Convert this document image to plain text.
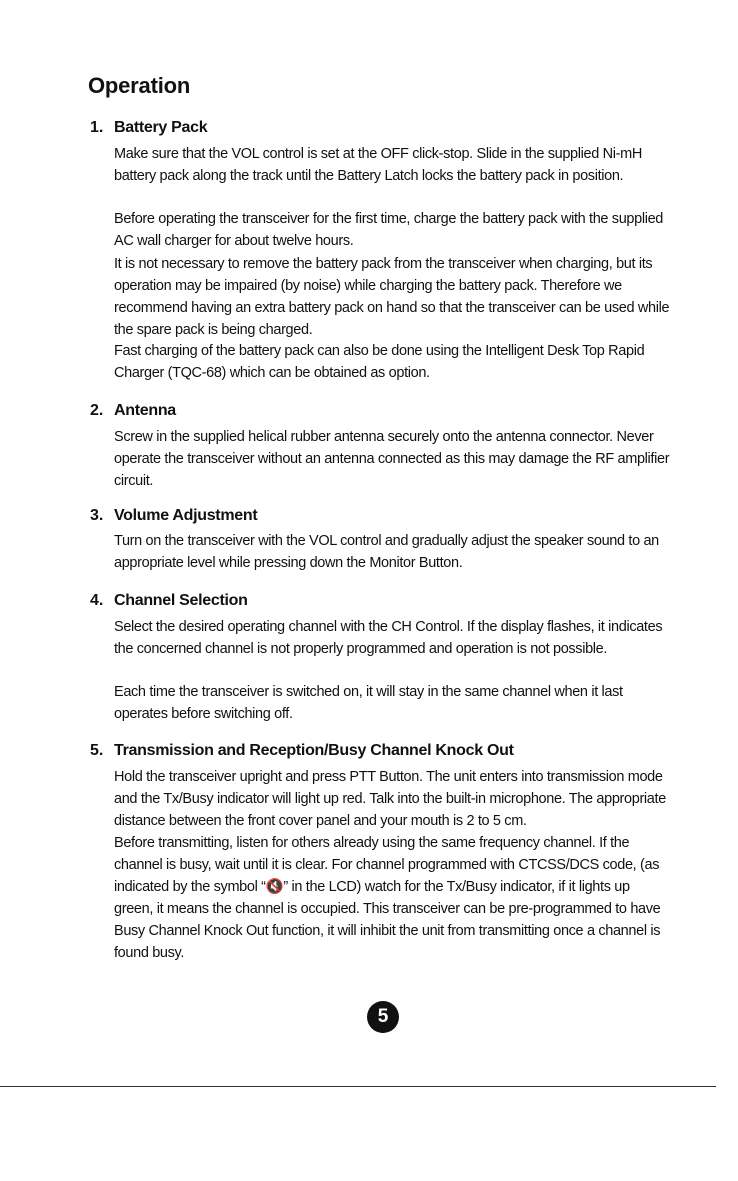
Operation
1. Battery Pack

Make sure that the VOL control is set at the OFF click-stop. Slide in the supplied Ni-mH battery pack along the track until the Battery Latch locks the battery pack in position.

Before operating the transceiver for the first time, charge the battery pack with the supplied AC wall charger for about twelve hours.

It is not necessary to remove the battery pack from the transceiver when charging, but its operation may be impaired (by noise) while charging the battery pack. Therefore we recommend having an extra battery pack on hand so that the transceiver can be used while the spare pack is being charged.

Fast charging of the battery pack can also be done using the Intelligent Desk Top Rapid Charger (TQC-68) which can be obtained as option.

2. Antenna

Screw in the supplied helical rubber antenna securely onto the antenna connector. Never operate the transceiver without an antenna connected as this may damage the RF amplifier circuit.

3. Volume Adjustment

Turn on the transceiver with the VOL control and gradually adjust the speaker sound to an appropriate level while pressing down the Monitor Button.

4. Channel Selection

Select the desired operating channel with the CH Control. If the display flashes, it indicates the concerned channel is not properly programmed and operation is not possible.

Each time the transceiver is switched on, it will stay in the same channel when it last operates before switching off.

5. Transmission and Reception/Busy Channel Knock Out

Hold the transceiver upright and press PTT Button. The unit enters into transmission mode and the Tx/Busy indicator will light up red. Talk into the built-in microphone. The appropriate distance between the front cover panel and your mouth is 2 to 5 cm.

Before transmitting, listen for others already using the same frequency channel. If the channel is busy, wait until it is clear. For channel programmed with CTCSS/DCS code, (as indicated by the symbol “🔇” in the LCD) watch for the Tx/Busy indicator, if it lights up green, it means the channel is occupied. This transceiver can be pre-programmed to have Busy Channel Knock Out function, it will inhibit the unit from transmitting once a channel is found busy.

5
